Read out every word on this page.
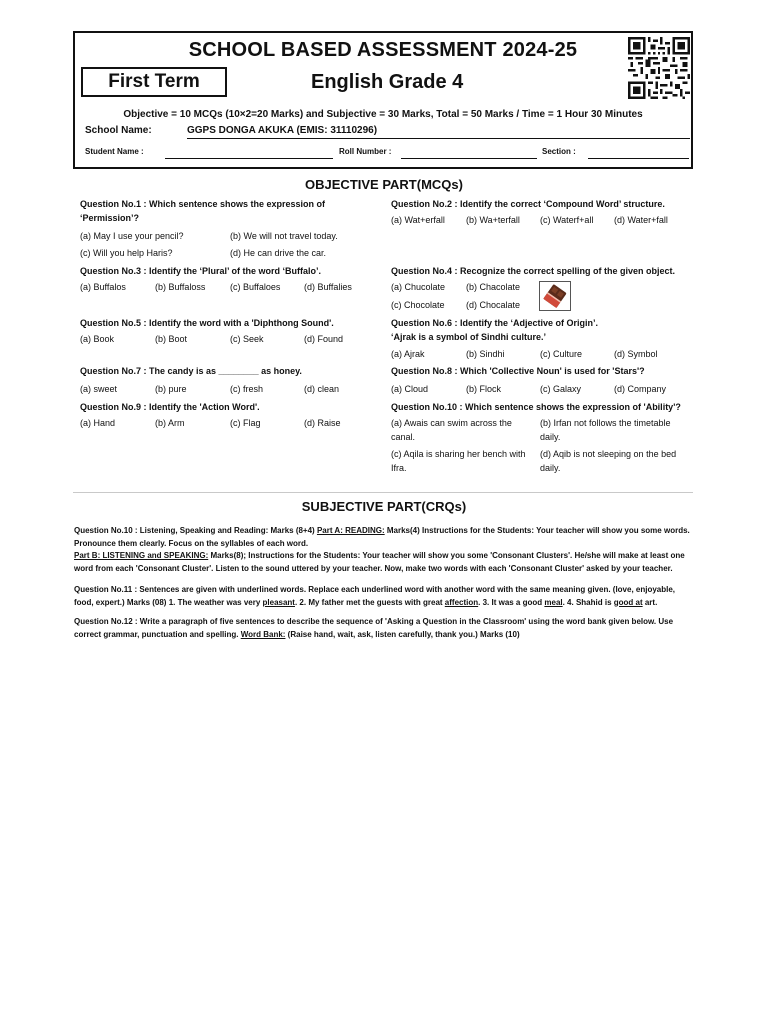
SCHOOL BASED ASSESSMENT 2024-25
First Term	English Grade 4
Objective = 10 MCQs (10×2=20 Marks) and Subjective = 30 Marks, Total = 50 Marks / Time = 1 Hour 30 Minutes
School Name:	GGPS DONGA AKUKA (EMIS: 31110296)
Student Name :	Roll Number :	Section :
OBJECTIVE PART(MCQs)
Question No.1 : Which sentence shows the expression of ‘Permission’?
(a) May I use your pencil?	(b) We will not travel today.
(c) Will you help Haris?	(d) He can drive the car.
Question No.2 : Identify the correct ‘Compound Word’ structure.
(a) Wat+erfall (b) Wa+terfall (c) Waterf+all (d) Water+fall
Question No.3 : Identify the ‘Plural’ of the word ‘Buffalo’.
(a) Buffalos	(b) Buffaloss	(c) Buffaloes	(d) Buffalies
Question No.4 : Recognize the correct spelling of the given object.
(a) Chucolate (b) Chacolate
(c) Chocolate (d) Chocalate
Question No.5 : Identify the word with a 'Diphthong Sound'.
(a) Book	(b) Boot	(c) Seek	(d) Found
Question No.6 : Identify the ‘Adjective of Origin’.
‘Ajrak is a symbol of Sindhi culture.’
(a) Ajrak	(b) Sindhi	(c) Culture	(d) Symbol
Question No.7 : The candy is as ________ as honey.
(a) sweet	(b) pure	(c) fresh	(d) clean
Question No.8 : Which 'Collective Noun' is used for 'Stars'?
(a) Cloud	(b) Flock	(c) Galaxy	(d) Company
Question No.9 : Identify the 'Action Word'.
(a) Hand	(b) Arm	(c) Flag	(d) Raise
Question No.10 : Which sentence shows the expression of 'Ability'?
(a) Awais can swim across the canal.
(b) Irfan not follows the timetable daily.
(c) Aqila is sharing her bench with Ifra.
(d) Aqib is not sleeping on the bed daily.
SUBJECTIVE PART(CRQs)
Question No.10 : Listening, Speaking and Reading: Marks (8+4) Part A: READING: Marks(4) Instructions for the Students: Your teacher will show you some words. Pronounce them clearly. Focus on the syllables of each word.
Part B: LISTENING and SPEAKING: Marks(8); Instructions for the Students: Your teacher will show you some 'Consonant Clusters'. He/she will make at least one word from each 'Consonant Cluster'. Listen to the sound uttered by your teacher. Now, make two words with each 'Consonant Cluster' asked by your teacher.
Question No.11 : Sentences are given with underlined words. Replace each underlined word with another word with the same meaning given. (love, enjoyable, food, expert.) Marks (08) 1. The weather was very pleasant. 2. My father met the guests with great affection. 3. It was a good meal. 4. Shahid is good at art.
Question No.12 : Write a paragraph of five sentences to describe the sequence of 'Asking a Question in the Classroom' using the word bank given below. Use correct grammar, punctuation and spelling. Word Bank: (Raise hand, wait, ask, listen carefully, thank you.) Marks (10)
